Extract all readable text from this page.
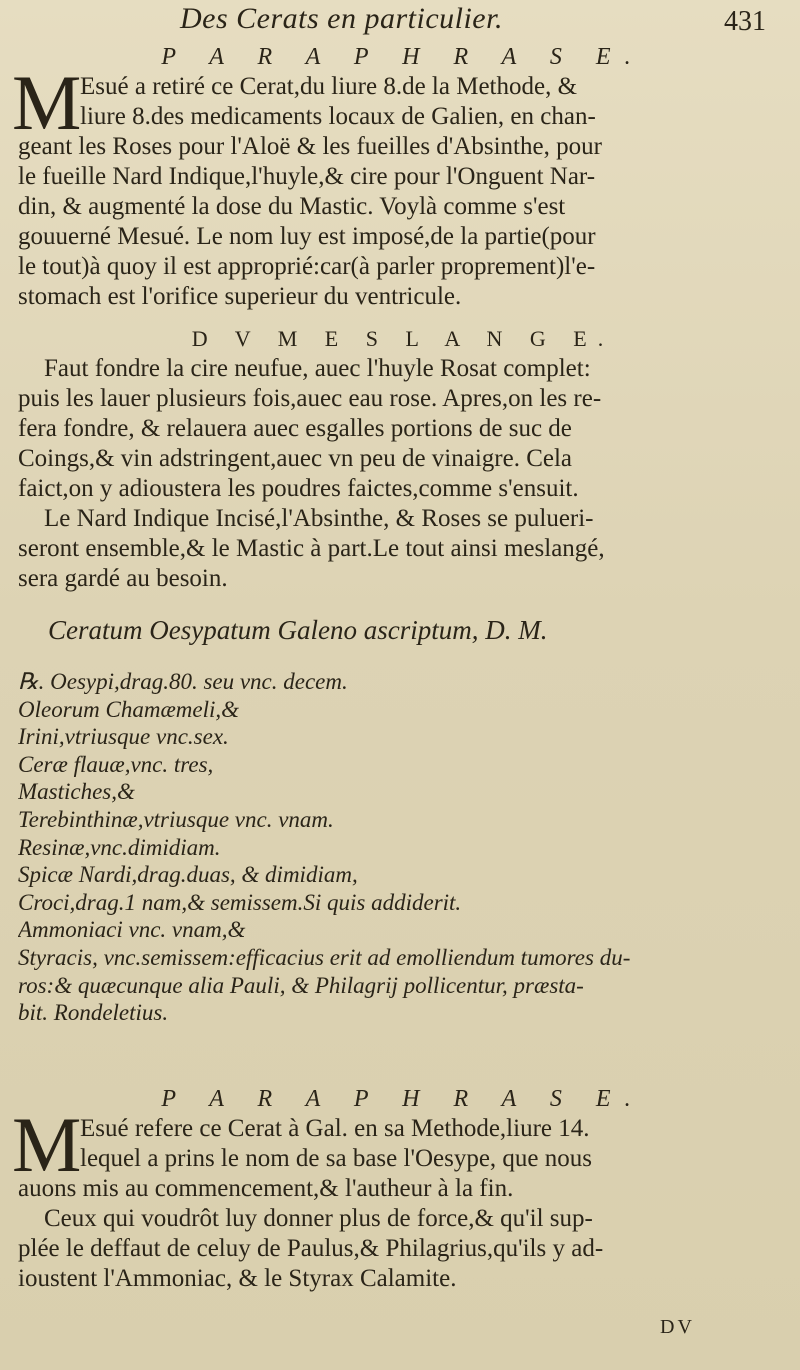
Des Cerats en particulier.	431
P A R A P H R A S E.
M
Esué a retiré ce Cerat,du liure 8.de la Methode, &
liure 8.des medicaments locaux de Galien, en chan-
geant les Roses pour l'Aloë & les fueilles d'Absinthe, pour
le fueille Nard Indique,l'huyle,& cire pour l'Onguent Nar-
din, & augmenté la dose du Mastic. Voylà comme s'est
gouuerné Mesué. Le nom luy est imposé,de la partie(pour
le tout)à quoy il est approprié:car(à parler proprement)l'e-
stomach est l'orifice superieur du ventricule.
D V M E S L A N G E.
Faut fondre la cire neufue, auec l'huyle Rosat complet:
puis les lauer plusieurs fois,auec eau rose. Apres,on les re-
fera fondre, & relauera auec esgalles portions de suc de
Coings,& vin adstringent,auec vn peu de vinaigre. Cela
faict,on y adioustera les poudres faictes,comme s'ensuit.
Le Nard Indique Incisé,l'Absinthe, & Roses se pulueri-
seront ensemble,& le Mastic à part.Le tout ainsi meslangé,
sera gardé au besoin.
Ceratum Oesypatum Galeno ascriptum, D. M.
℞. Oesypi,drag.80. seu vnc. decem.
Oleorum Chamæmeli,&
Irini,vtriusque vnc.sex.
Ceræ flauæ,vnc. tres,
Mastiches,&
Terebinthinæ,vtriusque vnc. vnam.
Resinæ,vnc.dimidiam.
Spicæ Nardi,drag.duas, & dimidiam,
Croci,drag.1 nam,& semissem.Si quis addiderit.
Ammoniaci vnc. vnam,&
Styracis, vnc.semissem:efficacius erit ad emolliendum tumores du-
ros:& quæcunque alia Pauli, & Philagrij pollicentur, præsta-
bit. Rondeletius.
P A R A P H R A S E.
M
Esué refere ce Cerat à Gal. en sa Methode,liure 14.
lequel a prins le nom de sa base l'Oesype, que nous
auons mis au commencement,& l'autheur à la fin.
Ceux qui voudrôt luy donner plus de force,& qu'il sup-
plée le deffaut de celuy de Paulus,& Philagrius,qu'ils y ad-
ioustent l'Ammoniac, & le Styrax Calamite.
DV
